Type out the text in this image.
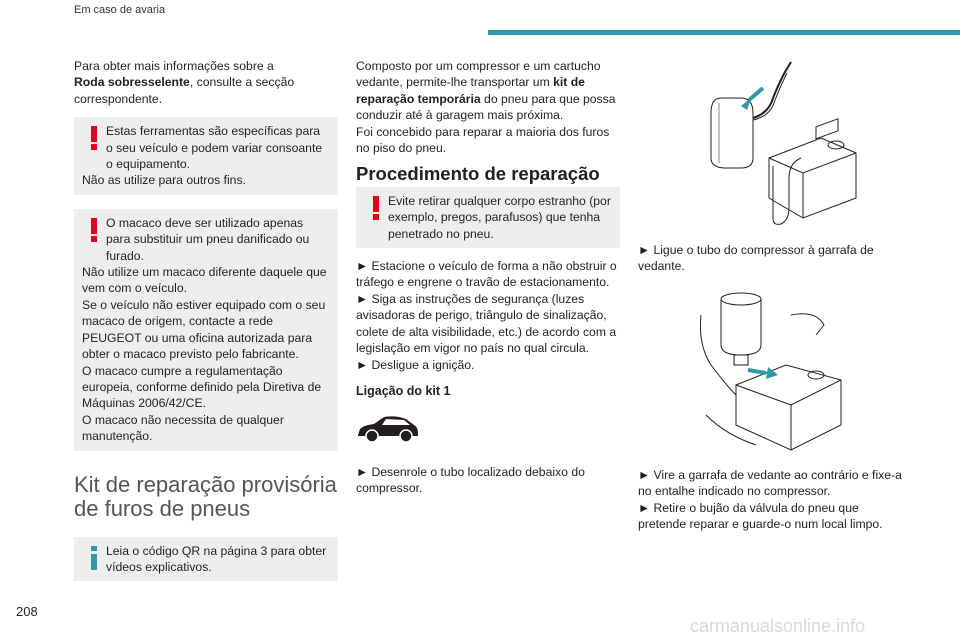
Em caso de avaria

Para obter mais informações sobre a
Roda sobresselente, consulte a secção correspondente.

Estas ferramentas são específicas para o seu veículo e podem variar consoante o equipamento.
Não as utilize para outros fins.
O macaco deve ser utilizado apenas para substituir um pneu danificado ou furado.
Não utilize um macaco diferente daquele que vem com o veículo.
Se o veículo não estiver equipado com o seu macaco de origem, contacte a rede PEUGEOT ou uma oficina autorizada para obter o macaco previsto pelo fabricante.
O macaco cumpre a regulamentação europeia, conforme definido pela Diretiva de Máquinas 2006/42/CE.
O macaco não necessita de qualquer manutenção.
Kit de reparação provisória de furos de pneus
Leia o código QR na página 3 para obter vídeos explicativos.

Composto por um compressor e um cartucho vedante, permite-lhe transportar um kit de reparação temporária do pneu para que possa conduzir até à garagem mais próxima.

Foi concebido para reparar a maioria dos furos no piso do pneu.

Procedimento de reparação
Evite retirar qualquer corpo estranho (por exemplo, pregos, parafusos) que tenha penetrado no pneu.

► Estacione o veículo de forma a não obstruir o tráfego e engrene o travão de estacionamento.

► Siga as instruções de segurança (luzes avisadoras de perigo, triângulo de sinalização, colete de alta visibilidade, etc.) de acordo com a legislação em vigor no país no qual circula.

► Desligue a ignição.

Ligação do kit 1

► Desenrole o tubo localizado debaixo do compressor.

► Ligue o tubo do compressor à garrafa de vedante.

► Vire a garrafa de vedante ao contrário e fixe-a no entalhe indicado no compressor.

► Retire o bujão da válvula do pneu que pretende reparar e guarde-o num local limpo.

208
carmanualsonline.info
